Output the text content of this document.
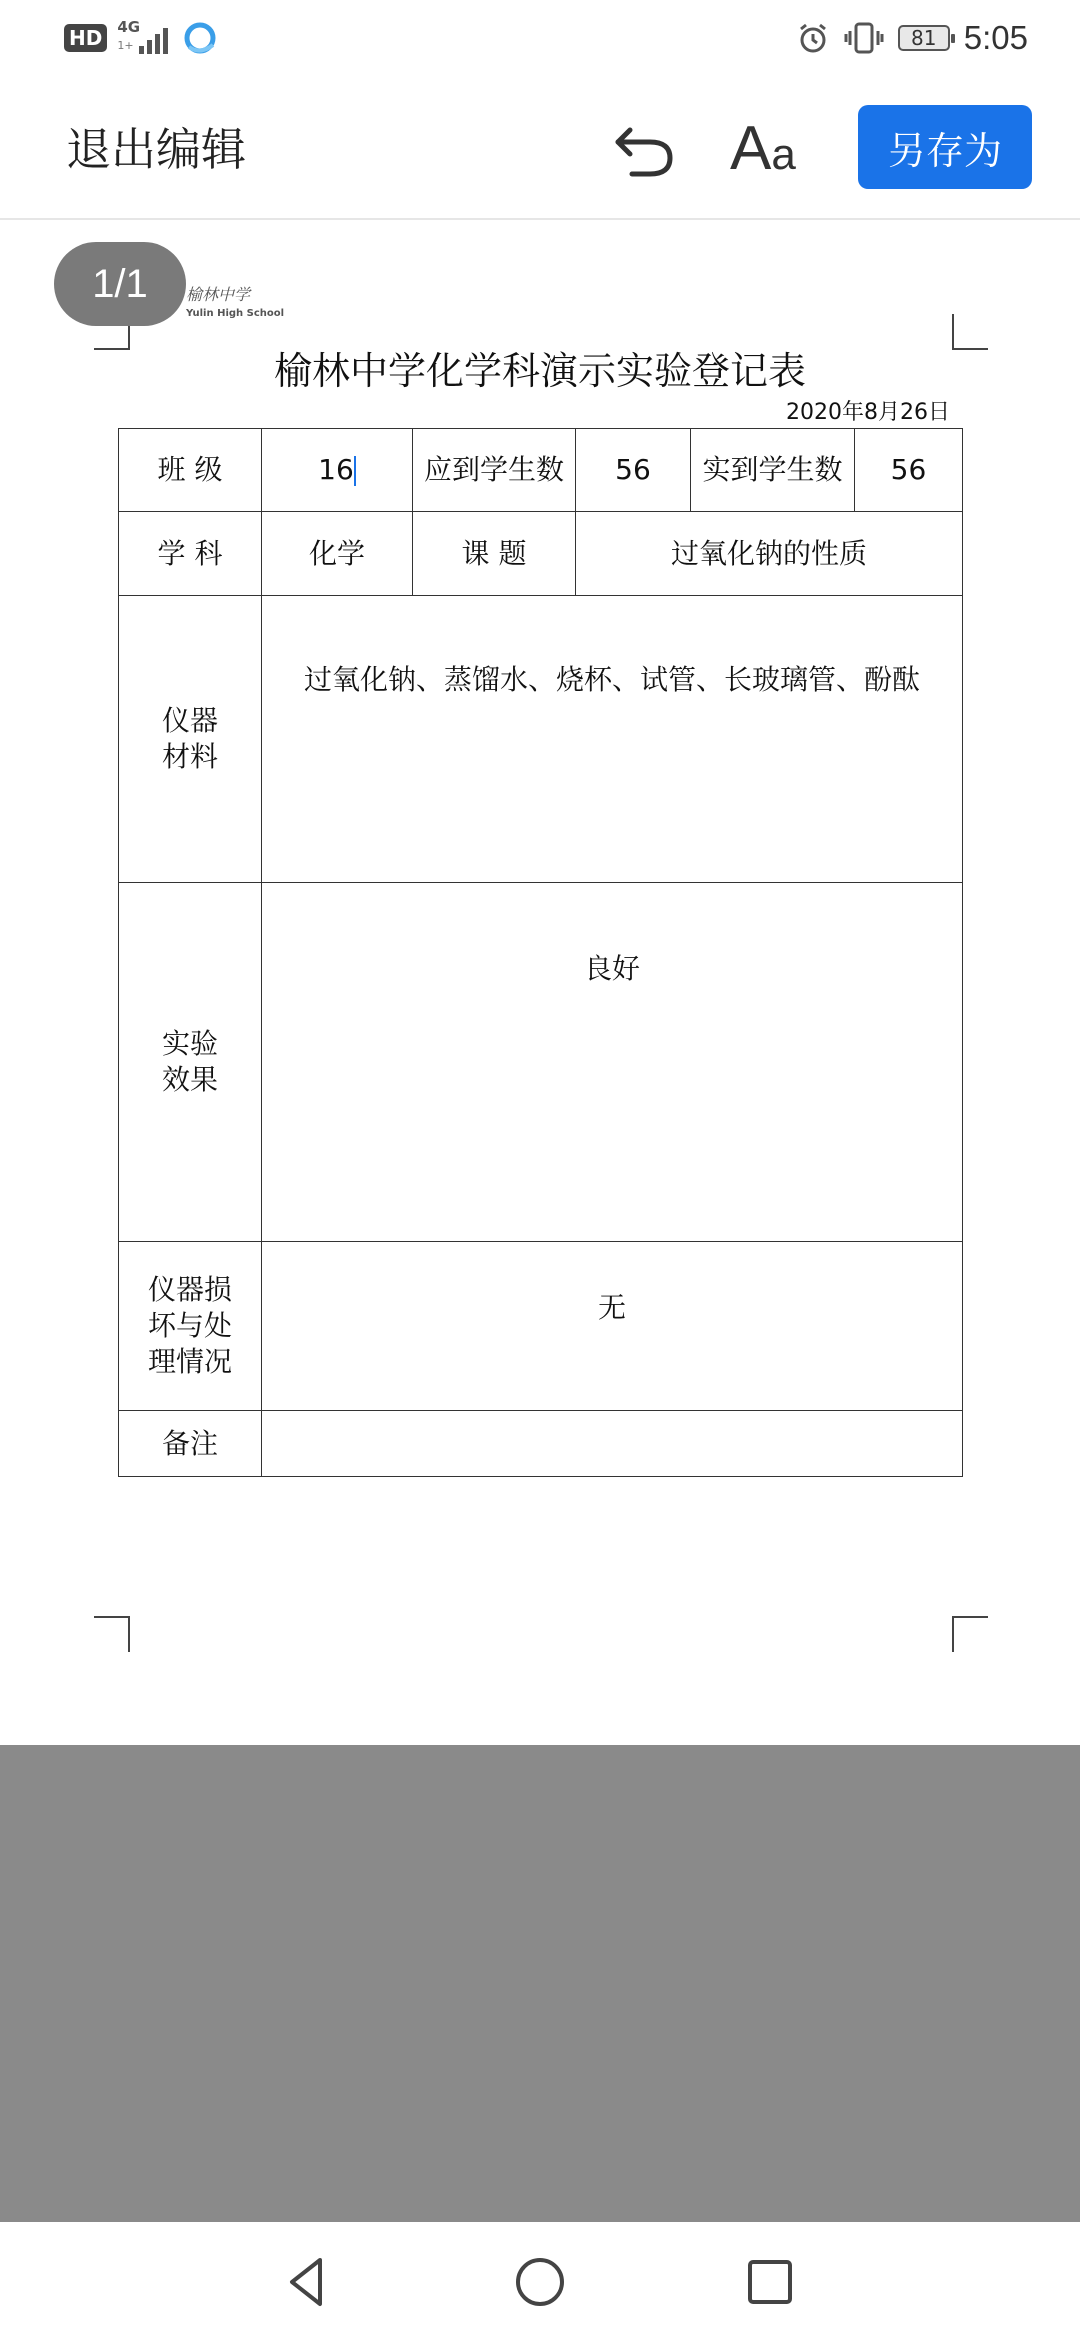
HD	4G
1+	81 5:05
退出编辑	Aa	另存为
1/1	榆林中学
Yulin High School
榆林中学化学科演示实验登记表
2020年8月26日
班 级	16	应到学生数	56	实到学生数	56
学 科	化学	课 题	过氧化钠的性质		

仪器
材料	过氧化钠、蒸馏水、烧杯、试管、长玻璃管、酚酞				

实验
效果	良好				

仪器损
坏与处
理情况	无				

备注					
